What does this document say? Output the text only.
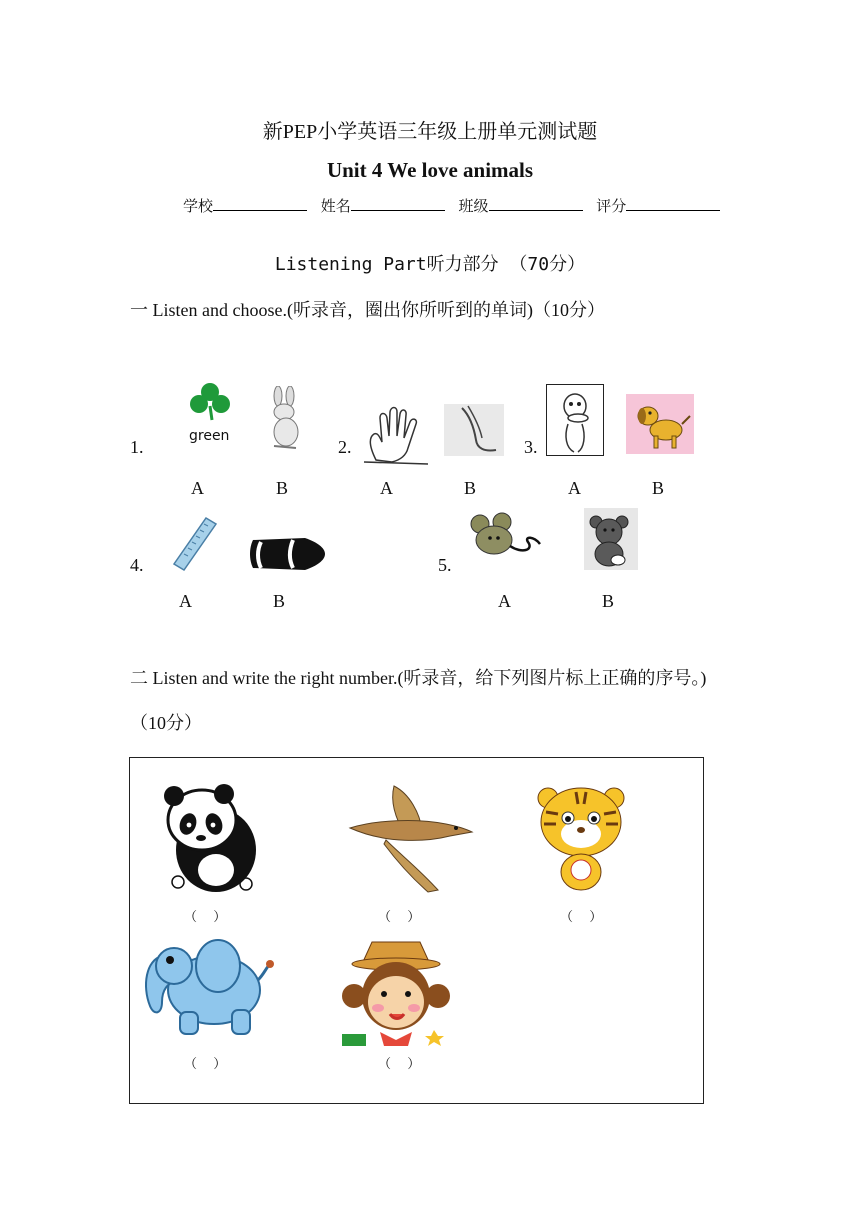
新PEP小学英语三年级上册单元测试题
Unit 4 We love animals
学校	姓名	班级	评分
Listening Part听力部分 （70分）
一 Listen and choose.(听录音，圈出你所听到的单词)（10分）
1.
green
A	B
2.
A	B
3.
A	B
4.
A	B
5.
A	B
二 Listen and write the right number.(听录音，给下列图片标上正确的序号。)（10分）
（　 ）	（　 ）	（　 ）
（　 ）	（　 ）
